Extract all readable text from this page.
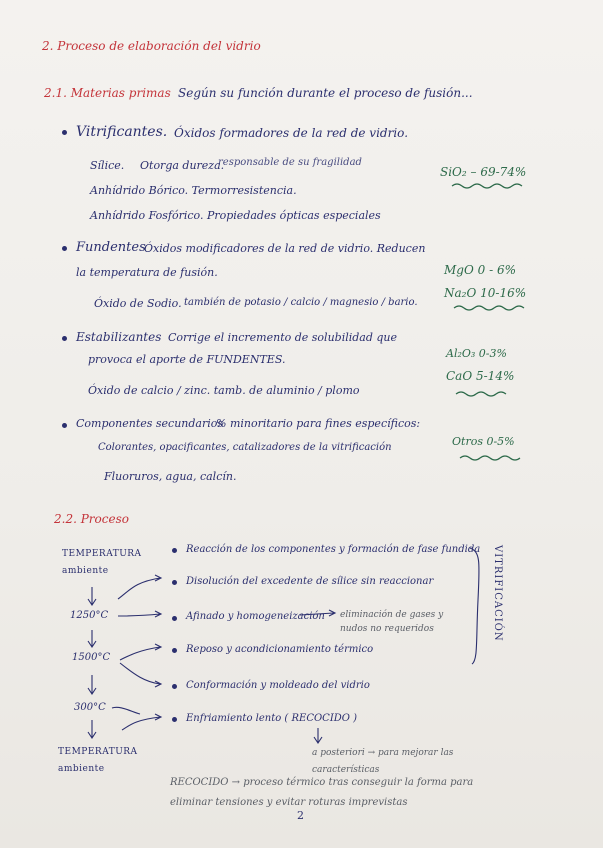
2. Proceso de elaboración del vidrio
2.1. Materias primas Según su función durante el proceso de fusión...
Vitrificantes. Óxidos formadores de la red de vidrio.
Sílice. Otorga dureza.
responsable de su fragilidad
SiO₂ – 69-74%
Anhídrido Bórico. Termorresistencia.
Anhídrido Fosfórico. Propiedades ópticas especiales
Fundentes
Óxidos modificadores de la red de vidrio. Reducen
la temperatura de fusión.
Óxido de Sodio. también de potasio / calcio / magnesio / bario.
MgO 0 - 6%
Na₂O 10-16%
Estabilizantes Corrige el incremento de solubilidad que
provoca el aporte de FUNDENTES.
Óxido de calcio / zinc. tamb. de aluminio / plomo
Al₂O₃ 0-3%
CaO 5-14%
Componentes secundarios
% minoritario para fines específicos:
Colorantes, opacificantes, catalizadores de la vitrificación
Fluoruros, agua, calcín.
Otros 0-5%
2.2. Proceso
TEMPERATURA ambiente
1250°C
1500°C
300°C
TEMPERATURA ambiente
Reacción de los componentes y formación de fase fundida
Disolución del excedente de sílice sin reaccionar
Afinado y homogeneización eliminación de gases y nudos no requeridos
Reposo y acondicionamiento térmico
Conformación y moldeado del vidrio
Enfriamiento lento ( RECOCIDO )
a posteriori → para mejorar las características
RECOCIDO → proceso térmico tras conseguir la forma para eliminar tensiones y evitar roturas imprevistas
VITRIFICACIÓN
2
